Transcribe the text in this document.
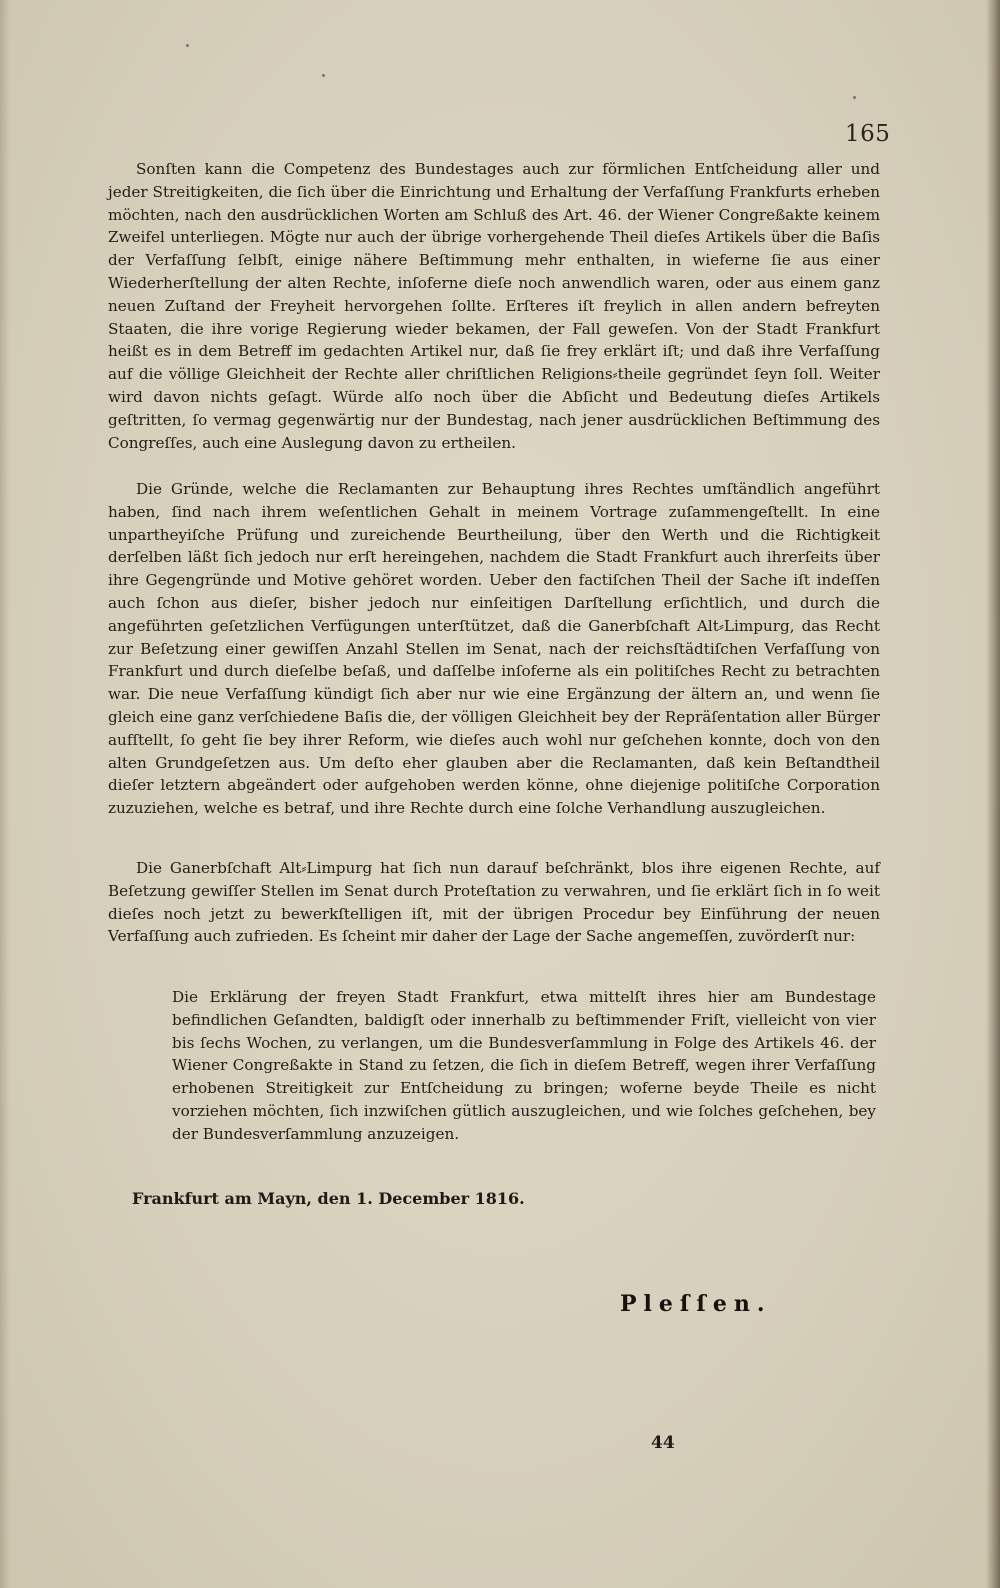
165
Sonſten kann die Competenz des Bundestages auch zur förmlichen Entſcheidung aller und jeder Streitigkeiten, die ſich über die Einrichtung und Erhaltung der Verfaſſung Frankfurts erheben möchten, nach den ausdrücklichen Worten am Schluß des Art. 46. der Wiener Congreßakte keinem Zweifel unterliegen. Mögte nur auch der übrige vorhergehende Theil dieſes Artikels über die Baſis der Verfaſſung ſelbſt, einige nähere Beſtimmung mehr enthalten, in wieferne ſie aus einer Wiederherſtellung der alten Rechte, inſoferne dieſe noch anwendlich waren, oder aus einem ganz neuen Zuſtand der Freyheit hervorgehen ſollte. Erſteres iſt freylich in allen andern befreyten Staaten, die ihre vorige Regierung wieder bekamen, der Fall geweſen. Von der Stadt Frankfurt heißt es in dem Betreff im gedachten Artikel nur, daß ſie frey erklärt iſt; und daß ihre Verfaſſung auf die völlige Gleichheit der Rechte aller chriſtlichen Religions⸗theile gegründet ſeyn ſoll. Weiter wird davon nichts geſagt. Würde alſo noch über die Abſicht und Bedeutung dieſes Artikels geſtritten, ſo vermag gegenwärtig nur der Bundestag, nach jener ausdrücklichen Beſtimmung des Congreſſes, auch eine Auslegung davon zu ertheilen.
Die Gründe, welche die Reclamanten zur Behauptung ihres Rechtes umſtändlich angeführt haben, ſind nach ihrem weſentlichen Gehalt in meinem Vortrage zuſammengeſtellt. In eine unpartheyiſche Prüfung und zureichende Beurtheilung, über den Werth und die Richtigkeit derſelben läßt ſich jedoch nur erſt hereingehen, nachdem die Stadt Frankfurt auch ihrerſeits über ihre Gegengründe und Motive gehöret worden. Ueber den factiſchen Theil der Sache iſt indeſſen auch ſchon aus dieſer, bisher jedoch nur einſeitigen Darſtellung erſichtlich, und durch die angeführten geſetzlichen Verfügungen unterſtützet, daß die Ganerbſchaft Alt⸗Limpurg, das Recht zur Beſetzung einer gewiſſen Anzahl Stellen im Senat, nach der reichsſtädtiſchen Verfaſſung von Frankfurt und durch dieſelbe beſaß, und daſſelbe inſoferne als ein politiſches Recht zu betrachten war. Die neue Verfaſſung kündigt ſich aber nur wie eine Ergänzung der ältern an, und wenn ſie gleich eine ganz verſchiedene Baſis die, der völligen Gleichheit bey der Repräſentation aller Bürger aufſtellt, ſo geht ſie bey ihrer Reform, wie dieſes auch wohl nur geſchehen konnte, doch von den alten Grundgeſetzen aus. Um deſto eher glauben aber die Reclamanten, daß kein Beſtandtheil dieſer letztern abgeändert oder aufgehoben werden könne, ohne diejenige politiſche Corporation zuzuziehen, welche es betraf, und ihre Rechte durch eine ſolche Verhandlung auszugleichen.
Die Ganerbſchaft Alt⸗Limpurg hat ſich nun darauf beſchränkt, blos ihre eigenen Rechte, auf Beſetzung gewiſſer Stellen im Senat durch Proteſtation zu verwahren, und ſie erklärt ſich in ſo weit dieſes noch jetzt zu bewerkſtelligen iſt, mit der übrigen Procedur bey Einführung der neuen Verfaſſung auch zufrieden. Es ſcheint mir daher der Lage der Sache angemeſſen, zuvörderſt nur:
Die Erklärung der freyen Stadt Frankfurt, etwa mittelſt ihres hier am Bundestage befindlichen Geſandten, baldigſt oder innerhalb zu beſtimmender Friſt, vielleicht von vier bis ſechs Wochen, zu verlangen, um die Bundesverſammlung in Folge des Artikels 46. der Wiener Congreßakte in Stand zu ſetzen, die ſich in dieſem Betreff, wegen ihrer Verfaſſung erhobenen Streitigkeit zur Entſcheidung zu bringen; woferne beyde Theile es nicht vorziehen möchten, ſich inzwiſchen gütlich auszugleichen, und wie ſolches geſchehen, bey der Bundesverſammlung anzuzeigen.
Frankfurt am Mayn, den 1. December 1816.
Pleſſen.
44
